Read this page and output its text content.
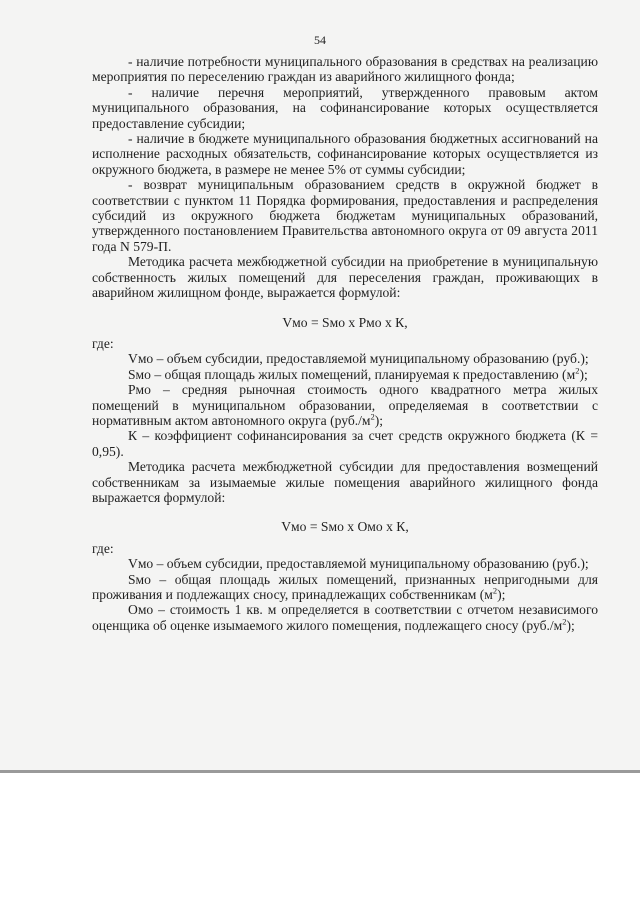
54

- наличие потребности муниципального образования в средствах на реализацию мероприятия по переселению граждан из аварийного жилищного фонда;

- наличие перечня мероприятий, утвержденного правовым актом муниципального образования, на софинансирование которых осуществляется предоставление субсидии;

- наличие в бюджете муниципального образования бюджетных ассигнований на исполнение расходных обязательств, софинансирование которых осуществляется из окружного бюджета, в размере не менее 5% от суммы субсидии;

- возврат муниципальным образованием средств в окружной бюджет в соответствии с пунктом 11 Порядка формирования, предоставления и распределения субсидий из окружного бюджета бюджетам муниципальных образований, утвержденного постановлением Правительства автономного округа от 09 августа 2011 года N 579-П.

Методика расчета межбюджетной субсидии на приобретение в муниципальную собственность жилых помещений для переселения граждан, проживающих в аварийном жилищном фонде, выражается формулой:

Vмо = Sмо x Рмо x К,

где:

Vмо – объем субсидии, предоставляемой муниципальному образованию (руб.);

Sмо – общая площадь жилых помещений, планируемая к предоставлению $(м^2)$;

Рмо – средняя рыночная стоимость одного квадратного метра жилых помещений в муниципальном образовании, определяемая в соответствии с нормативным актом автономного округа $(руб./м^2)$;

К – коэффициент софинансирования за счет средств окружного бюджета (К = 0,95).

Методика расчета межбюджетной субсидии для предоставления возмещений собственникам за изымаемые жилые помещения аварийного жилищного фонда выражается формулой:

Vмо = Sмо x Омо x К,

где:

Vмо – объем субсидии, предоставляемой муниципальному образованию (руб.);

Sмо – общая площадь жилых помещений, признанных непригодными для проживания и подлежащих сносу, принадлежащих собственникам $(м^2)$;

Омо – стоимость 1 кв. м определяется в соответствии с отчетом независимого оценщика об оценке изымаемого жилого помещения, подлежащего сносу $(руб./м^2)$;
